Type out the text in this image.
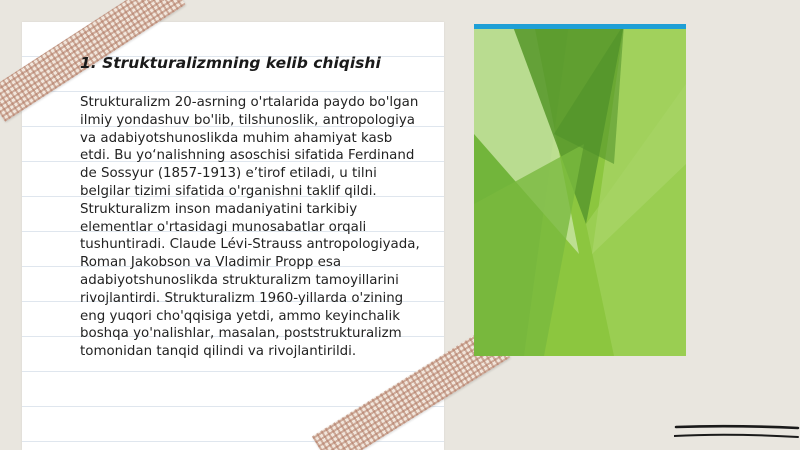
1. Strukturalizmning kelib chiqishi

Strukturalizm 20-asrning o'rtalarida paydo bo'lgan ilmiy yondashuv bo'lib, tilshunoslik, antropologiya va adabiyotshunoslikda muhim ahamiyat kasb etdi. Bu yo‘nalishning asoschisi sifatida Ferdinand de Sossyur (1857-1913) e’tirof etiladi, u tilni belgilar tizimi sifatida o'rganishni taklif qildi. Strukturalizm inson madaniyatini tarkibiy elementlar o'rtasidagi munosabatlar orqali tushuntiradi. Claude Lévi-Strauss antropologiyada, Roman Jakobson va Vladimir Propp esa adabiyotshunoslikda strukturalizm tamoyillarini rivojlantirdi. Strukturalizm 1960-yillarda o'zining eng yuqori cho'qqisiga yetdi, ammo keyinchalik boshqa yo'nalishlar, masalan, poststrukturalizm tomonidan tanqid qilindi va rivojlantirildi.
